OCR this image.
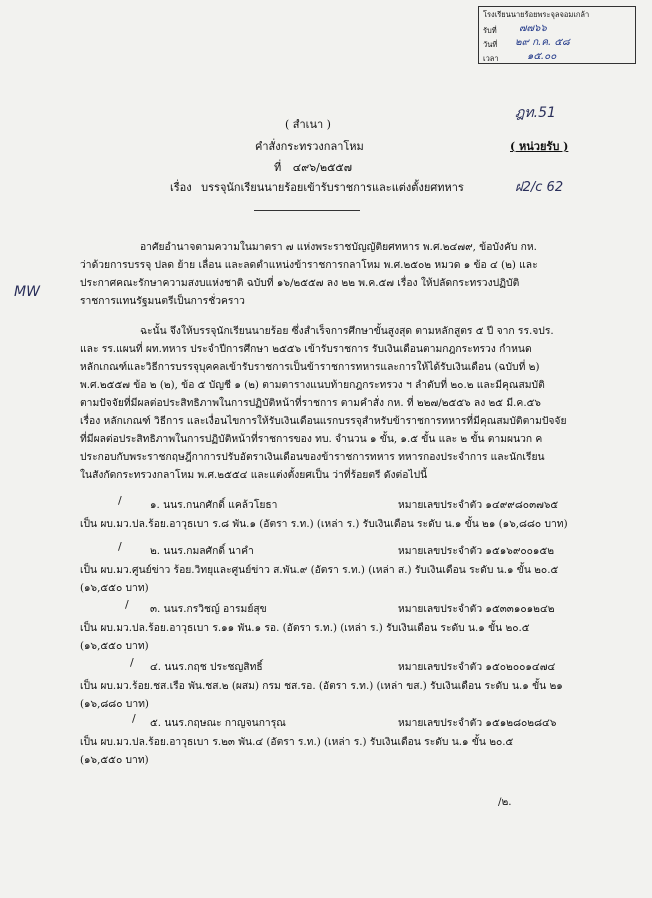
โรงเรียนนายร้อยพระจุลจอมเกล้า
รับที่ ๗๗๖๖
วันที่ ๒๙ ก.ค. ๕๘
เวลา	๑๕.๐๐
ฎท.51
ฝ2/c 62
MW
( สำเนา )
คำสั่งกระทรวงกลาโหม	( หน่วยรับ )
ที่ ๔๙๖/๒๕๕๗
เรื่อง บรรจุนักเรียนนายร้อยเข้ารับราชการและแต่งตั้งยศทหาร
อาศัยอำนาจตามความในมาตรา ๗ แห่งพระราชบัญญัติยศทหาร พ.ศ.๒๔๗๙, ข้อบังคับ กห.
ว่าด้วยการบรรจุ ปลด ย้าย เลื่อน และลดตำแหน่งข้าราชการกลาโหม พ.ศ.๒๕๐๒ หมวด ๑ ข้อ ๔ (๒) และ
ประกาศคณะรักษาความสงบแห่งชาติ ฉบับที่ ๑๖/๒๕๕๗ ลง ๒๒ พ.ค.๕๗ เรื่อง ให้ปลัดกระทรวงปฏิบัติ
ราชการแทนรัฐมนตรีเป็นการชั่วคราว
ฉะนั้น จึงให้บรรจุนักเรียนนายร้อย ซึ่งสำเร็จการศึกษาขั้นสูงสุด ตามหลักสูตร ๕ ปี จาก รร.จปร.
และ รร.แผนที่ ผท.ทหาร ประจำปีการศึกษา ๒๕๕๖ เข้ารับราชการ รับเงินเดือนตามกฎกระทรวง กำหนด
หลักเกณฑ์และวิธีการบรรจุบุคคลเข้ารับราชการเป็นข้าราชการทหารและการให้ได้รับเงินเดือน (ฉบับที่ ๒)
พ.ศ.๒๕๕๗ ข้อ ๒ (๒), ข้อ ๕ บัญชี ๑ (๒) ตามตารางแนบท้ายกฎกระทรวง ฯ ลำดับที่ ๒๐.๒ และมีคุณสมบัติ
ตามปัจจัยที่มีผลต่อประสิทธิภาพในการปฏิบัติหน้าที่ราชการ ตามคำสั่ง กห. ที่ ๒๒๗/๒๕๕๖ ลง ๒๕ มี.ค.๕๖
เรื่อง หลักเกณฑ์ วิธีการ และเงื่อนไขการให้รับเงินเดือนแรกบรรจุสำหรับข้าราชการทหารที่มีคุณสมบัติตามปัจจัย
ที่มีผลต่อประสิทธิภาพในการปฏิบัติหน้าที่ราชการของ ทบ. จำนวน ๑ ขั้น, ๑.๕ ขั้น และ ๒ ขั้น ตามผนวก ค
ประกอบกับพระราชกฤษฎีกาการปรับอัตราเงินเดือนของข้าราชการทหาร ทหารกองประจำการ และนักเรียน
ในสังกัดกระทรวงกลาโหม พ.ศ.๒๕๕๔ และแต่งตั้งยศเป็น ว่าที่ร้อยตรี ดังต่อไปนี้
/	๑. นนร.กนกศักดิ์ แคล้วโยธา	หมายเลขประจำตัว ๑๔๙๙๘๐๓๗๖๕
เป็น ผบ.มว.ปล.ร้อย.อาวุธเบา ร.๘ พัน.๑ (อัตรา ร.ท.) (เหล่า ร.) รับเงินเดือน ระดับ น.๑ ขั้น ๒๑ (๑๖,๘๘๐ บาท)
/	๒. นนร.กมลศักดิ์ นาคำ	หมายเลขประจำตัว ๑๕๑๖๙๐๐๑๕๒
เป็น ผบ.มว.ศูนย์ข่าว ร้อย.วิทยุและศูนย์ข่าว ส.พัน.๙ (อัตรา ร.ท.) (เหล่า ส.) รับเงินเดือน ระดับ น.๑ ขั้น ๒๐.๕
(๑๖,๕๕๐ บาท)
/ ๓. นนร.กรวิชญ์ อารมย์สุข	หมายเลขประจำตัว ๑๕๓๓๑๐๑๒๔๒
เป็น ผบ.มว.ปล.ร้อย.อาวุธเบา ร.๑๑ พัน.๑ รอ. (อัตรา ร.ท.) (เหล่า ร.) รับเงินเดือน ระดับ น.๑ ขั้น ๒๐.๕
(๑๖,๕๕๐ บาท)
/ ๔. นนร.กฤช ประชญสิทธิ์	หมายเลขประจำตัว ๑๕๐๒๐๐๑๔๗๔
เป็น ผบ.มว.ร้อย.ชส.เรือ พัน.ชส.๒ (ผสม) กรม ชส.รอ. (อัตรา ร.ท.) (เหล่า ขส.) รับเงินเดือน ระดับ น.๑ ขั้น ๒๑
(๑๖,๘๘๐ บาท)
/ ๕. นนร.กฤษณะ กาญจนการุณ	หมายเลขประจำตัว ๑๕๑๒๘๐๒๘๔๖
เป็น ผบ.มว.ปล.ร้อย.อาวุธเบา ร.๒๓ พัน.๔ (อัตรา ร.ท.) (เหล่า ร.) รับเงินเดือน ระดับ น.๑ ขั้น ๒๐.๕
(๑๖,๕๕๐ บาท)
/๒.
